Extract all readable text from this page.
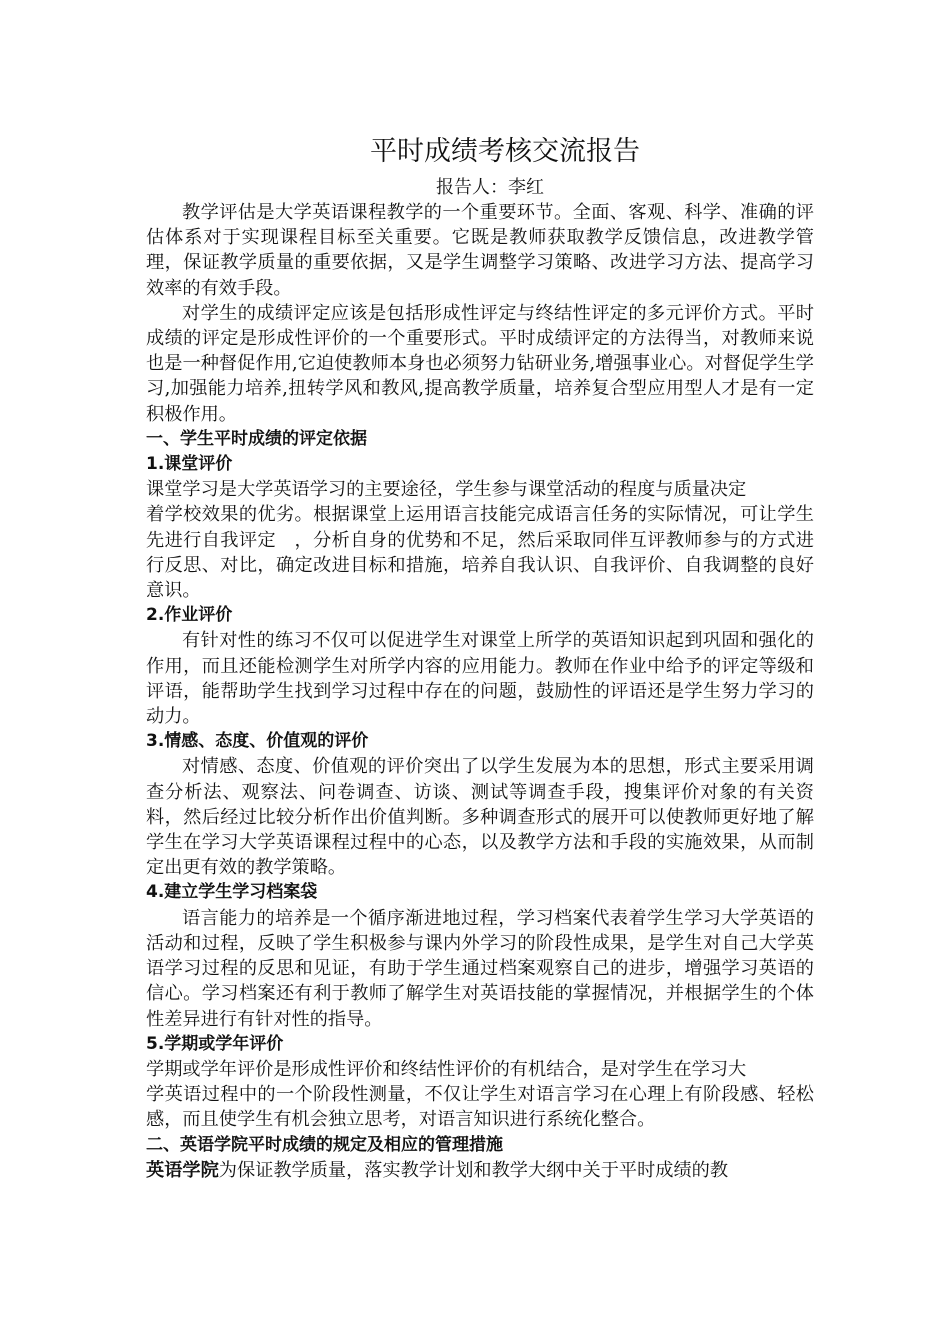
平时成绩考核交流报告
报告人：李红

教学评估是大学英语课程教学的一个重要环节。全面、客观、科学、准确的评估体系对于实现课程目标至关重要。它既是教师获取教学反馈信息，改进教学管理，保证教学质量的重要依据，又是学生调整学习策略、改进学习方法、提高学习效率的有效手段。

对学生的成绩评定应该是包括形成性评定与终结性评定的多元评价方式。平时成绩的评定是形成性评价的一个重要形式。平时成绩评定的方法得当，对教师来说也是一种督促作用,它迫使教师本身也必须努力钻研业务,增强事业心。对督促学生学习,加强能力培养,扭转学风和教风,提高教学质量，培养复合型应用型人才是有一定积极作用。

一、学生平时成绩的评定依据

1.课堂评价

课堂学习是大学英语学习的主要途径，学生参与课堂活动的程度与质量决定

着学校效果的优劣。根据课堂上运用语言技能完成语言任务的实际情况，可让学生先进行自我评定　，分析自身的优势和不足，然后采取同伴互评教师参与的方式进行反思、对比，确定改进目标和措施，培养自我认识、自我评价、自我调整的良好意识。

2.作业评价

有针对性的练习不仅可以促进学生对课堂上所学的英语知识起到巩固和强化的作用，而且还能检测学生对所学内容的应用能力。教师在作业中给予的评定等级和评语，能帮助学生找到学习过程中存在的问题，鼓励性的评语还是学生努力学习的动力。

3.情感、态度、价值观的评价

对情感、态度、价值观的评价突出了以学生发展为本的思想，形式主要采用调查分析法、观察法、问卷调查、访谈、测试等调查手段，搜集评价对象的有关资料，然后经过比较分析作出价值判断。多种调查形式的展开可以使教师更好地了解学生在学习大学英语课程过程中的心态，以及教学方法和手段的实施效果，从而制定出更有效的教学策略。

4.建立学生学习档案袋

语言能力的培养是一个循序渐进地过程，学习档案代表着学生学习大学英语的活动和过程，反映了学生积极参与课内外学习的阶段性成果，是学生对自己大学英语学习过程的反思和见证，有助于学生通过档案观察自己的进步，增强学习英语的信心。学习档案还有利于教师了解学生对英语技能的掌握情况，并根据学生的个体性差异进行有针对性的指导。

5.学期或学年评价

学期或学年评价是形成性评价和终结性评价的有机结合，是对学生在学习大

学英语过程中的一个阶段性测量，不仅让学生对语言学习在心理上有阶段感、轻松感，而且使学生有机会独立思考，对语言知识进行系统化整合。

二、英语学院平时成绩的规定及相应的管理措施

英语学院为保证教学质量，落实教学计划和教学大纲中关于平时成绩的教
